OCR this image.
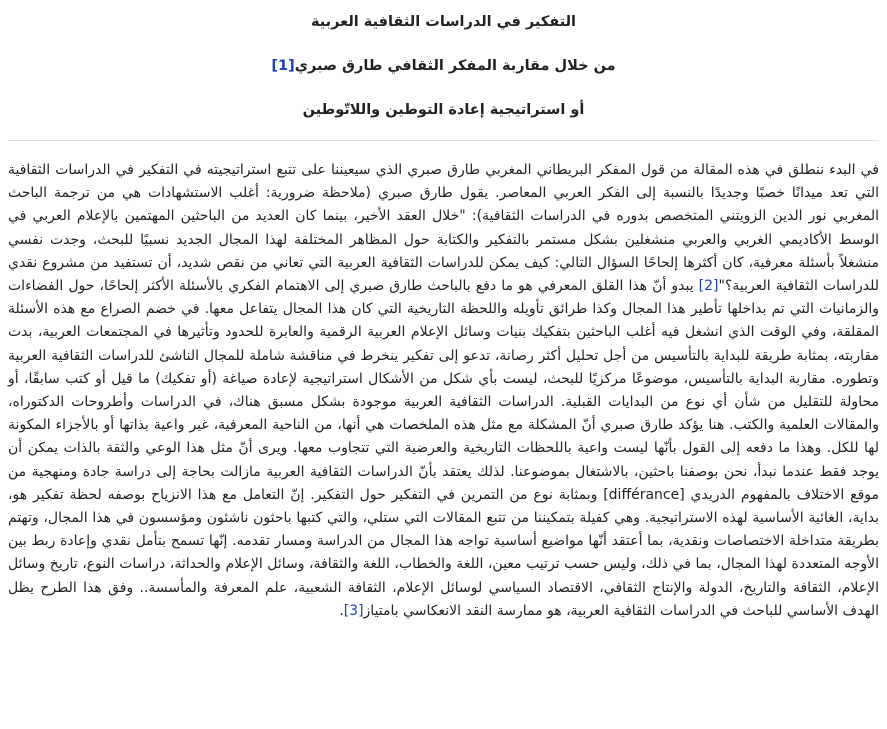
التفكير في الدراسات الثقافية العربية
من خلال مقاربة المفكر الثقافي طارق صبري[1]
أو استراتيجية إعادة التوطين واللاتّوطين

في البدء ننطلق في هذه المقالة من قول المفكر البريطاني المغربي طارق صبري الذي سيعيننا على تتبع استراتيجيته في التفكير في الدراسات الثقافية التي تعد ميدانًا خصبًا وجديدًا بالنسبة إلى الفكر العربي المعاصر. يقول طارق صبري (ملاحظة ضرورية: أغلب الاستشهادات هي من ترجمة الباحث المغربي نور الدين الزويتني المتخصص بدوره في الدراسات الثقافية): "خلال العقد الأخير، بينما كان العديد من الباحثين المهتمين بالإعلام العربي في الوسط الأكاديمي الغربي والعربي منشغلين بشكل مستمر بالتفكير والكتابة حول المظاهر المختلفة لهذا المجال الجديد نسبيًا للبحث، وجدت نفسي منشغلاً بأسئلة معرفية، كان أكثرها إلحاحًا السؤال التالي: كيف يمكن للدراسات الثقافية العربية التي تعاني من نقص شديد، أن تستفيد من مشروع نقدي للدراسات الثقافية العربية؟"[2] يبدو أنّ هذا القلق المعرفي هو ما دفع بالباحث طارق صبري إلى الاهتمام الفكري بالأسئلة الأكثر إلحاحًا، حول الفضاءات والزمانيات التي تم بداخلها تأطير هذا المجال وكذا طرائق تأويله واللحظة التاريخية التي كان هذا المجال يتفاعل معها. في خضم الصراع مع هذه الأسئلة المقلقة، وفي الوقت الذي انشغل فيه أغلب الباحثين بتفكيك بنيات وسائل الإعلام العربية الرقمية والعابرة للحدود وتأثيرها في المجتمعات العربية، بدت مقاربته، بمثابة طريقة للبداية بالتأسيس من أجل تحليل أكثر رصانة، تدعو إلى تفكير ينخرط في مناقشة شاملة للمجال الناشئ للدراسات الثقافية العربية وتطوره. مقاربة البداية بالتأسيس، موضوعًا مركزيًا للبحث، ليست بأي شكل من الأشكال استراتيجية لإعادة صياغة (أو تفكيك) ما قيل أو كتب سابقًا، أو محاولة للتقليل من شأن أي نوع من البدايات القبلية. الدراسات الثقافية العربية موجودة بشكل مسبق هناك، في الدراسات وأطروحات الدكتوراه، والمقالات العلمية والكتب. هنا يؤكد طارق صبري أنّ المشكلة مع مثل هذه الملخصات هي أنها، من الناحية المعرفية، غير واعية بذاتها أو بالأجزاء المكونة لها للكل. وهذا ما دفعه إلى القول بأنّها ليست واعية باللحظات التاريخية والعرضية التي تتجاوب معها. ويرى أنّ مثل هذا الوعي والثقة بالذات يمكن أن يوجد فقط عندما نبدأ، نحن بوصفنا باحثين، بالاشتغال بموضوعنا. لذلك يعتقد بأنّ الدراسات الثقافية العربية مازالت بحاجة إلى دراسة جادة ومنهجية من موقع الاختلاف بالمفهوم الدريدي [différance] وبمثابة نوع من التمرين في التفكير حول التفكير. إنّ التعامل مع هذا الانزياح بوصفه لحظة تفكير هو، بداية، الغائية الأساسية لهذه الاستراتيجية. وهي كفيلة بتمكيننا من تتبع المقالات التي ستلي، والتي كتبها باحثون ناشئون ومؤسسون في هذا المجال، وتهتم بطريقة متداخلة الاختصاصات ونقدية، بما أعتقد أنّها مواضيع أساسية تواجه هذا المجال من الدراسة ومسار تقدمه. إنّها تسمح بتأمل نقدي وإعادة ربط بين الأوجه المتعددة لهذا المجال، بما في ذلك، وليس حسب ترتيب معين، اللغة والخطاب، اللغة والثقافة، وسائل الإعلام والحداثة، دراسات النوع، تاريخ وسائل الإعلام، الثقافة والتاريخ، الدولة والإنتاج الثقافي، الاقتصاد السياسي لوسائل الإعلام، الثقافة الشعبية، علم المعرفة والمأسسة.. وفق هذا الطرح يظل الهدف الأساسي للباحث في الدراسات الثقافية العربية، هو ممارسة النقد الانعكاسي بامتياز[3].
